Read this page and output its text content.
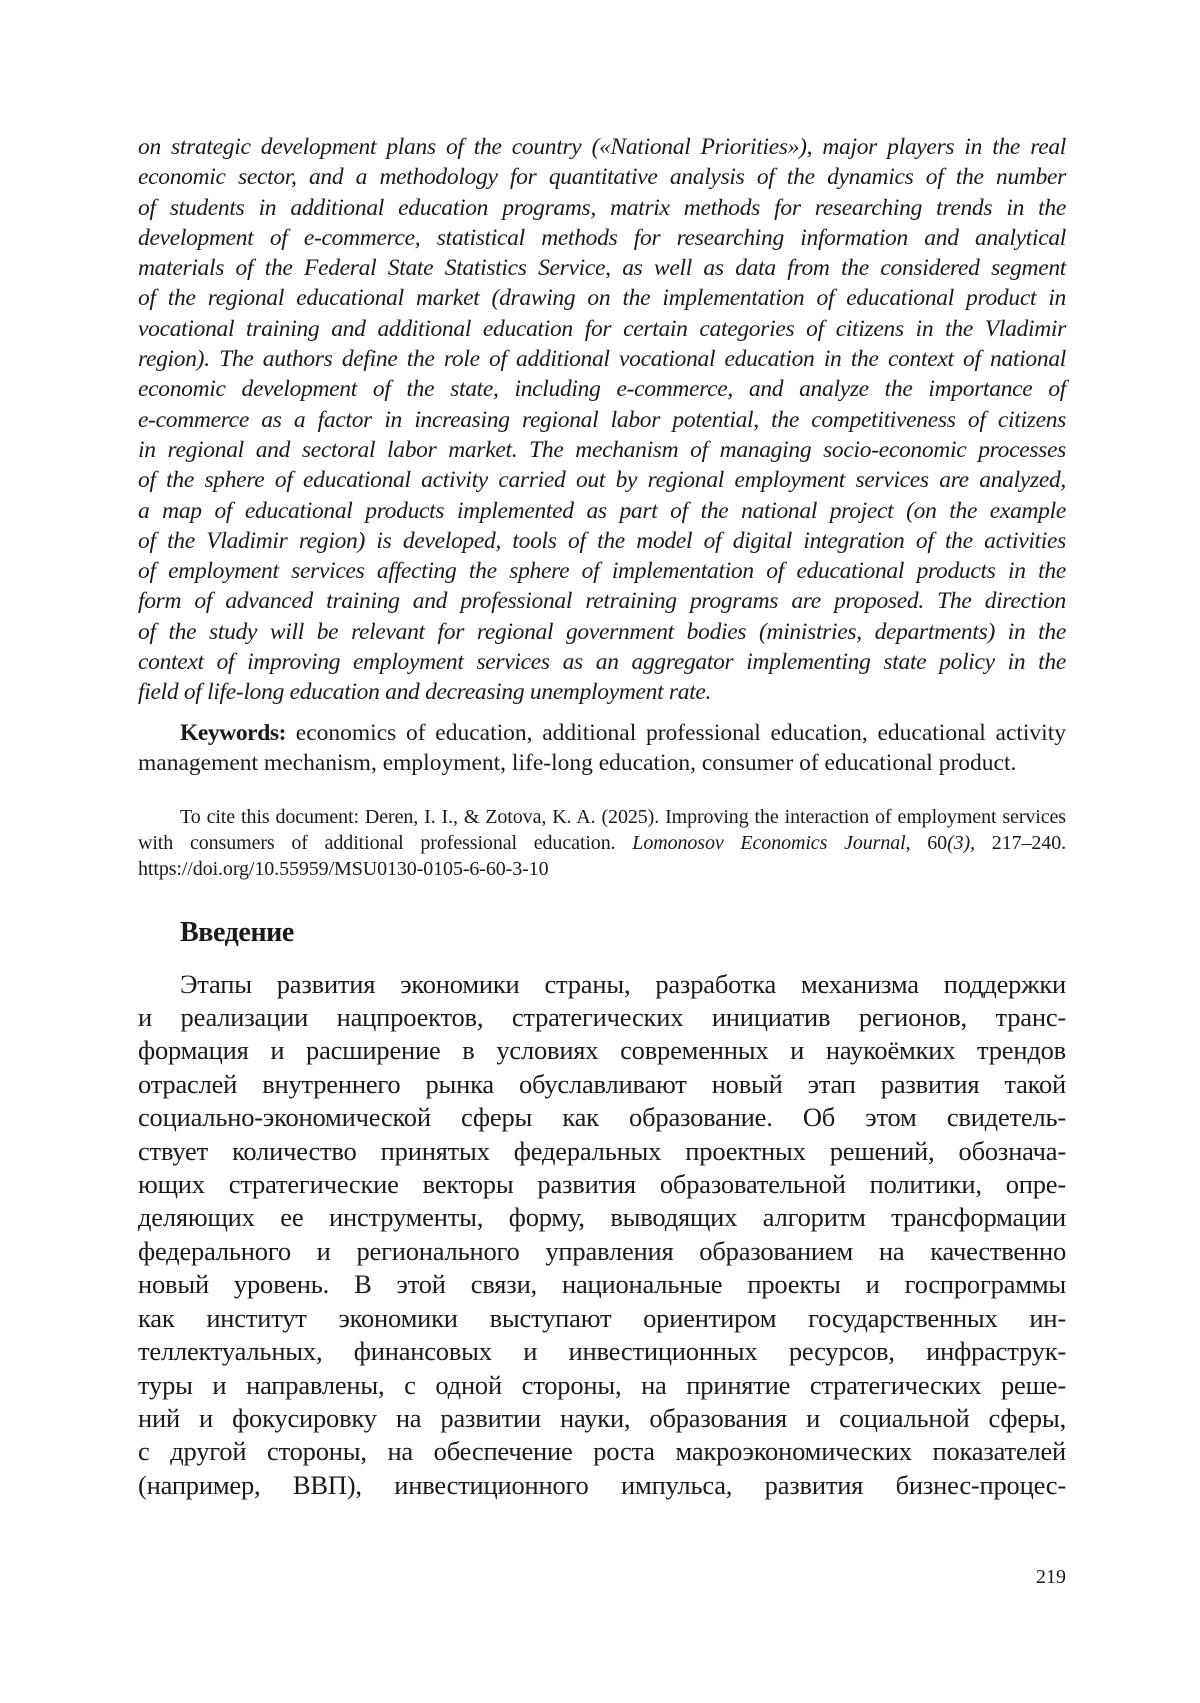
on strategic development plans of the country («National Priorities»), major players in the real
economic sector, and a methodology for quantitative analysis of the dynamics of the number
of students in additional education programs, matrix methods for researching trends in the
development of e-commerce, statistical methods for researching information and analytical
materials of the Federal State Statistics Service, as well as data from the considered segment
of the regional educational market (drawing on the implementation of educational product in
vocational training and additional education for certain categories of citizens in the Vladimir
region). The authors define the role of additional vocational education in the context of national
economic development of the state, including e-commerce, and analyze the importance of
e-commerce as a factor in increasing regional labor potential, the competitiveness of citizens
in regional and sectoral labor market. The mechanism of managing socio-economic processes
of the sphere of educational activity carried out by regional employment services are analyzed,
a map of educational products implemented as part of the national project (on the example
of the Vladimir region) is developed, tools of the model of digital integration of the activities
of employment services affecting the sphere of implementation of educational products in the
form of advanced training and professional retraining programs are proposed. The direction
of the study will be relevant for regional government bodies (ministries, departments) in the
context of improving employment services as an aggregator implementing state policy in the
field of life-long education and decreasing unemployment rate.
Keywords: economics of education, additional professional education, educational activity management mechanism, employment, life-long education, consumer of educational product.
To cite this document: Deren, I. I., & Zotova, K. A. (2025). Improving the interaction of employment services with consumers of additional professional education. Lomonosov Economics Journal, 60(3), 217–240. https://doi.org/10.55959/MSU0130-0105-6-60-3-10
Введение
Этапы развития экономики страны, разработка механизма поддержки
и реализации нацпроектов, стратегических инициатив регионов, транс-
формация и расширение в условиях современных и наукоёмких трендов
отраслей внутреннего рынка обуславливают новый этап развития такой
социально-экономической сферы как образование. Об этом свидетель-
ствует количество принятых федеральных проектных решений, обознача-
ющих стратегические векторы развития образовательной политики, опре-
деляющих ее инструменты, форму, выводящих алгоритм трансформации
федерального и регионального управления образованием на качественно
новый уровень. В этой связи, национальные проекты и госпрограммы
как институт экономики выступают ориентиром государственных ин-
теллектуальных, финансовых и инвестиционных ресурсов, инфраструк-
туры и направлены, с одной стороны, на принятие стратегических реше-
ний и фокусировку на развитии науки, образования и социальной сферы,
с другой стороны, на обеспечение роста макроэкономических показателей
(например, ВВП), инвестиционного импульса, развития бизнес-процес-
219
